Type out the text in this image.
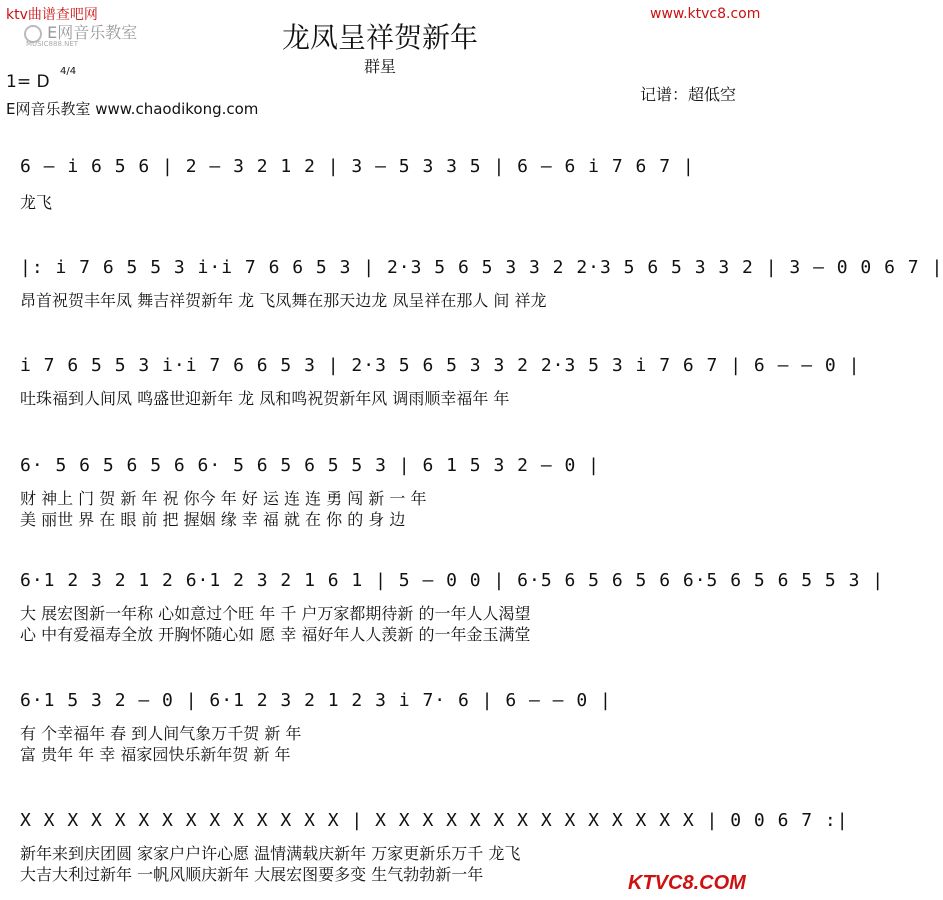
ktv曲谱查吧网
E网音乐教室
MUSIC888.NET
www.ktvc8.com
龙凤呈祥贺新年
群星
1= D
4/4
记谱：超低空
E网音乐教室 www.chaodikong.com
6 – i 6 5 6 | 2 – 3 2 1 2 | 3 – 5 3 3 5 | 6 – 6 i 7 6 7 |
龙飞
|: i 7 6 5 5 3 i·i 7 6 6 5 3 | 2·3 5 6 5 3 3 2 2·3 5 6 5 3 3 2 | 3 – 0 0 6 7 |
昂首祝贺丰年凤 舞吉祥贺新年 龙 飞凤舞在那天边龙 凤呈祥在那人 间 祥龙
i 7 6 5 5 3 i·i 7 6 6 5 3 | 2·3 5 6 5 3 3 2 2·3 5 3 i 7 6 7 | 6 – – 0 |
吐珠福到人间凤 鸣盛世迎新年 龙 凤和鸣祝贺新年风 调雨顺幸福年 年
6· 5 6 5 6 5 6 6· 5 6 5 6 5 5 3 | 6 1 5 3 2 – 0 |
财 神上 门 贺 新 年 祝 你今 年 好 运 连 连 勇 闯 新 一 年
美 丽世 界 在 眼 前 把 握姻 缘 幸 福 就 在 你 的 身 边
6·1 2 3 2 1 2 6·1 2 3 2 1 6 1 | 5 – 0 0 | 6·5 6 5 6 5 6 6·5 6 5 6 5 5 3 |
大 展宏图新一年称 心如意过个旺 年 千 户万家都期待新 的一年人人渴望
心 中有爱福寿全放 开胸怀随心如 愿 幸 福好年人人羡新 的一年金玉满堂
6·1 5 3 2 – 0 | 6·1 2 3 2 1 2 3 i 7· 6 | 6 – – 0 |
有 个幸福年 春 到人间气象万千贺 新 年
富 贵年 年 幸 福家园快乐新年贺 新 年
X X X X X X X X X X X X X X | X X X X X X X X X X X X X X | 0 0 6 7 :|
新年来到庆团圆 家家户户许心愿 温情满载庆新年 万家更新乐万千 龙飞
大吉大利过新年 一帆风顺庆新年 大展宏图要多变 生气勃勃新一年	KTVC8.COM
